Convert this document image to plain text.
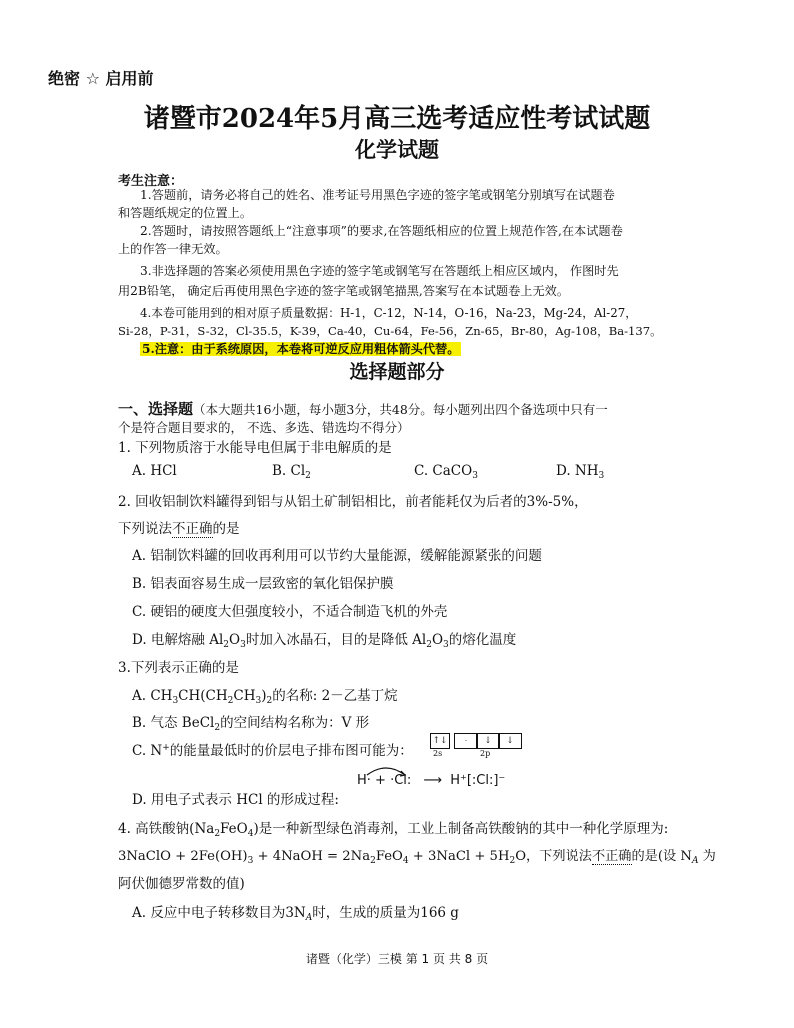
绝密 ☆ 启用前
诸暨市2024年5月高三选考适应性考试试题
化学试题
考生注意：
1.答题前，请务必将自己的姓名、准考证号用黑色字迹的签字笔或钢笔分别填写在试题卷
和答题纸规定的位置上。
2.答题时，请按照答题纸上“注意事项”的要求,在答题纸相应的位置上规范作答,在本试题卷
上的作答一律无效。
3.非选择题的答案必须使用黑色字迹的签字笔或钢笔写在答题纸上相应区域内， 作图时先
用2B铅笔， 确定后再使用黑色字迹的签字笔或钢笔描黑,答案写在本试题卷上无效。
4.本卷可能用到的相对原子质量数据：H-1，C-12，N-14，O-16，Na-23，Mg-24，Al-27，
Si-28，P-31，S-32，Cl-35.5，K-39，Ca-40，Cu-64，Fe-56，Zn-65，Br-80，Ag-108，Ba-137。
5.注意：由于系统原因，本卷将可逆反应用粗体箭头代替。
选择题部分
一、选择题（本大题共16小题，每小题3分，共48分。每小题列出四个备选项中只有一
个是符合题目要求的， 不选、多选、错选均不得分）
1. 下列物质溶于水能导电但属于非电解质的是
A. HCl	B. $Cl_2$	C. CaCO$_3$	D. $NH_3$
2. 回收铝制饮料罐得到铝与从铝土矿制铝相比，前者能耗仅为后者的3%-5%，
下列说法不正确的是
A. 铝制饮料罐的回收再利用可以节约大量能源，缓解能源紧张的问题
B. 铝表面容易生成一层致密的氧化铝保护膜
C. 硬铝的硬度大但强度较小，不适合制造飞机的外壳
D. 电解熔融 $Al_2O_3$时加入冰晶石，目的是降低 $Al_2O_3$的熔化温度
3.下列表示正确的是
A. $CH_3CH(CH_2CH_3)_2$的名称: 2－乙基丁烷
B. 气态 BeCl$_2$的空间结构名称为：V 形
C. N+的能量最低时的价层电子排布图可能为：
↑↓	·	↓	↓
2s	2p
D. 用电子式表示 HCl 的形成过程:
H· + ·Cl: ⟶ H⁺[:Cl:]⁻
4. 高铁酸钠$(Na_2FeO_4)$是一种新型绿色消毒剂，工业上制备高铁酸钠的其中一种化学原理为:
3NaClO + $2Fe(OH)_3$ + 4NaOH = $2Na_2FeO_4$ + 3NaCl + $5H_2O$，下列说法不正确的是(设 $N_A$ 为
阿伏伽德罗常数的值)
A. 反应中电子转移数目为$3N_A$时，生成的质量为166 g
诸暨（化学）三模 第 1 页 共 8 页
